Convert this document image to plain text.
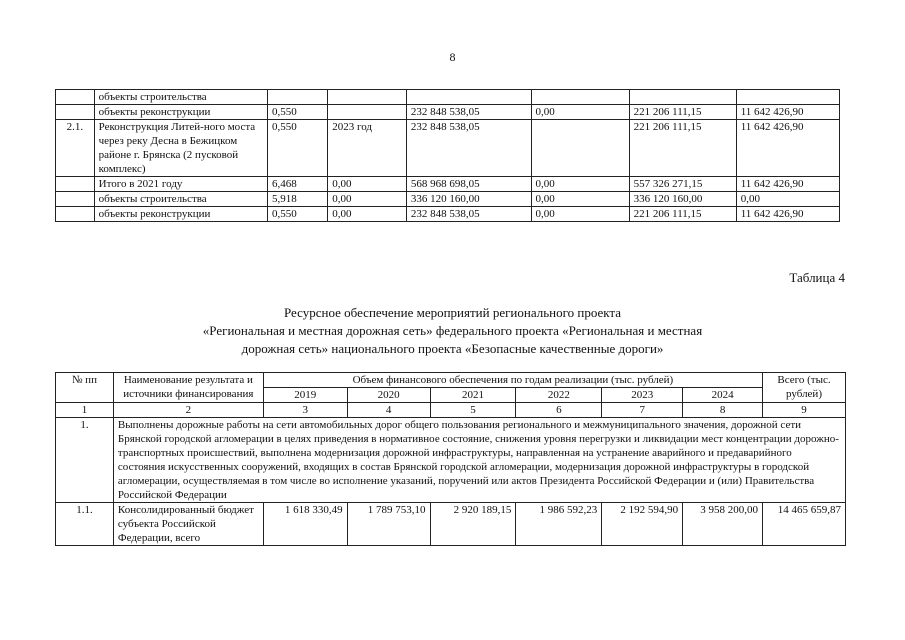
8
	объекты строительства						
	объекты реконструкции	0,550		232 848 538,05	0,00	221 206 111,15	11 642 426,90
2.1.	Реконструкция Литей-ного моста через реку Десна в Бежицком районе г. Брянска (2 пусковой комплекс)	0,550	2023 год	232 848 538,05		221 206 111,15	11 642 426,90
	Итого в 2021 году	6,468	0,00	568 968 698,05	0,00	557 326 271,15	11 642 426,90
	объекты строительства	5,918	0,00	336 120 160,00	0,00	336 120 160,00	0,00
	объекты реконструкции	0,550	0,00	232 848 538,05	0,00	221 206 111,15	11 642 426,90
Таблица 4
Ресурсное обеспечение мероприятий регионального проекта
«Региональная и местная дорожная сеть» федерального проекта «Региональная и местная
дорожная сеть» национального проекта «Безопасные качественные дороги»
№ пп	Наименование результата и источники финансирования	Объем финансового обеспечения по годам реализации (тыс. рублей)						Всего (тыс. рублей)
		2019	2020	2021	2022	2023	2024	
1	2	3	4	5	6	7	8	9
1.	Выполнены дорожные работы на сети автомобильных дорог общего пользования регионального и межмуниципального значения, дорожной сети Брянской городской агломерации в целях приведения в нормативное состояние, снижения уровня перегрузки и ликвидации мест концентрации дорожно-транспортных происшествий, выполнена модернизация дорожной инфраструктуры, направленная на устранение аварийного и предаварийного состояния искусственных сооружений, входящих в состав Брянской городской агломерации, модернизация дорожной инфраструктуры в городской агломерации, осуществляемая в том числе во исполнение указаний, поручений или актов Президента Российской Федерации и (или) Правительства Российской Федерации							
1.1.	Консолидированный бюджет субъекта Российской Федерации, всего	1 618 330,49	1 789 753,10	2 920 189,15	1 986 592,23	2 192 594,90	3 958 200,00	14 465 659,87
